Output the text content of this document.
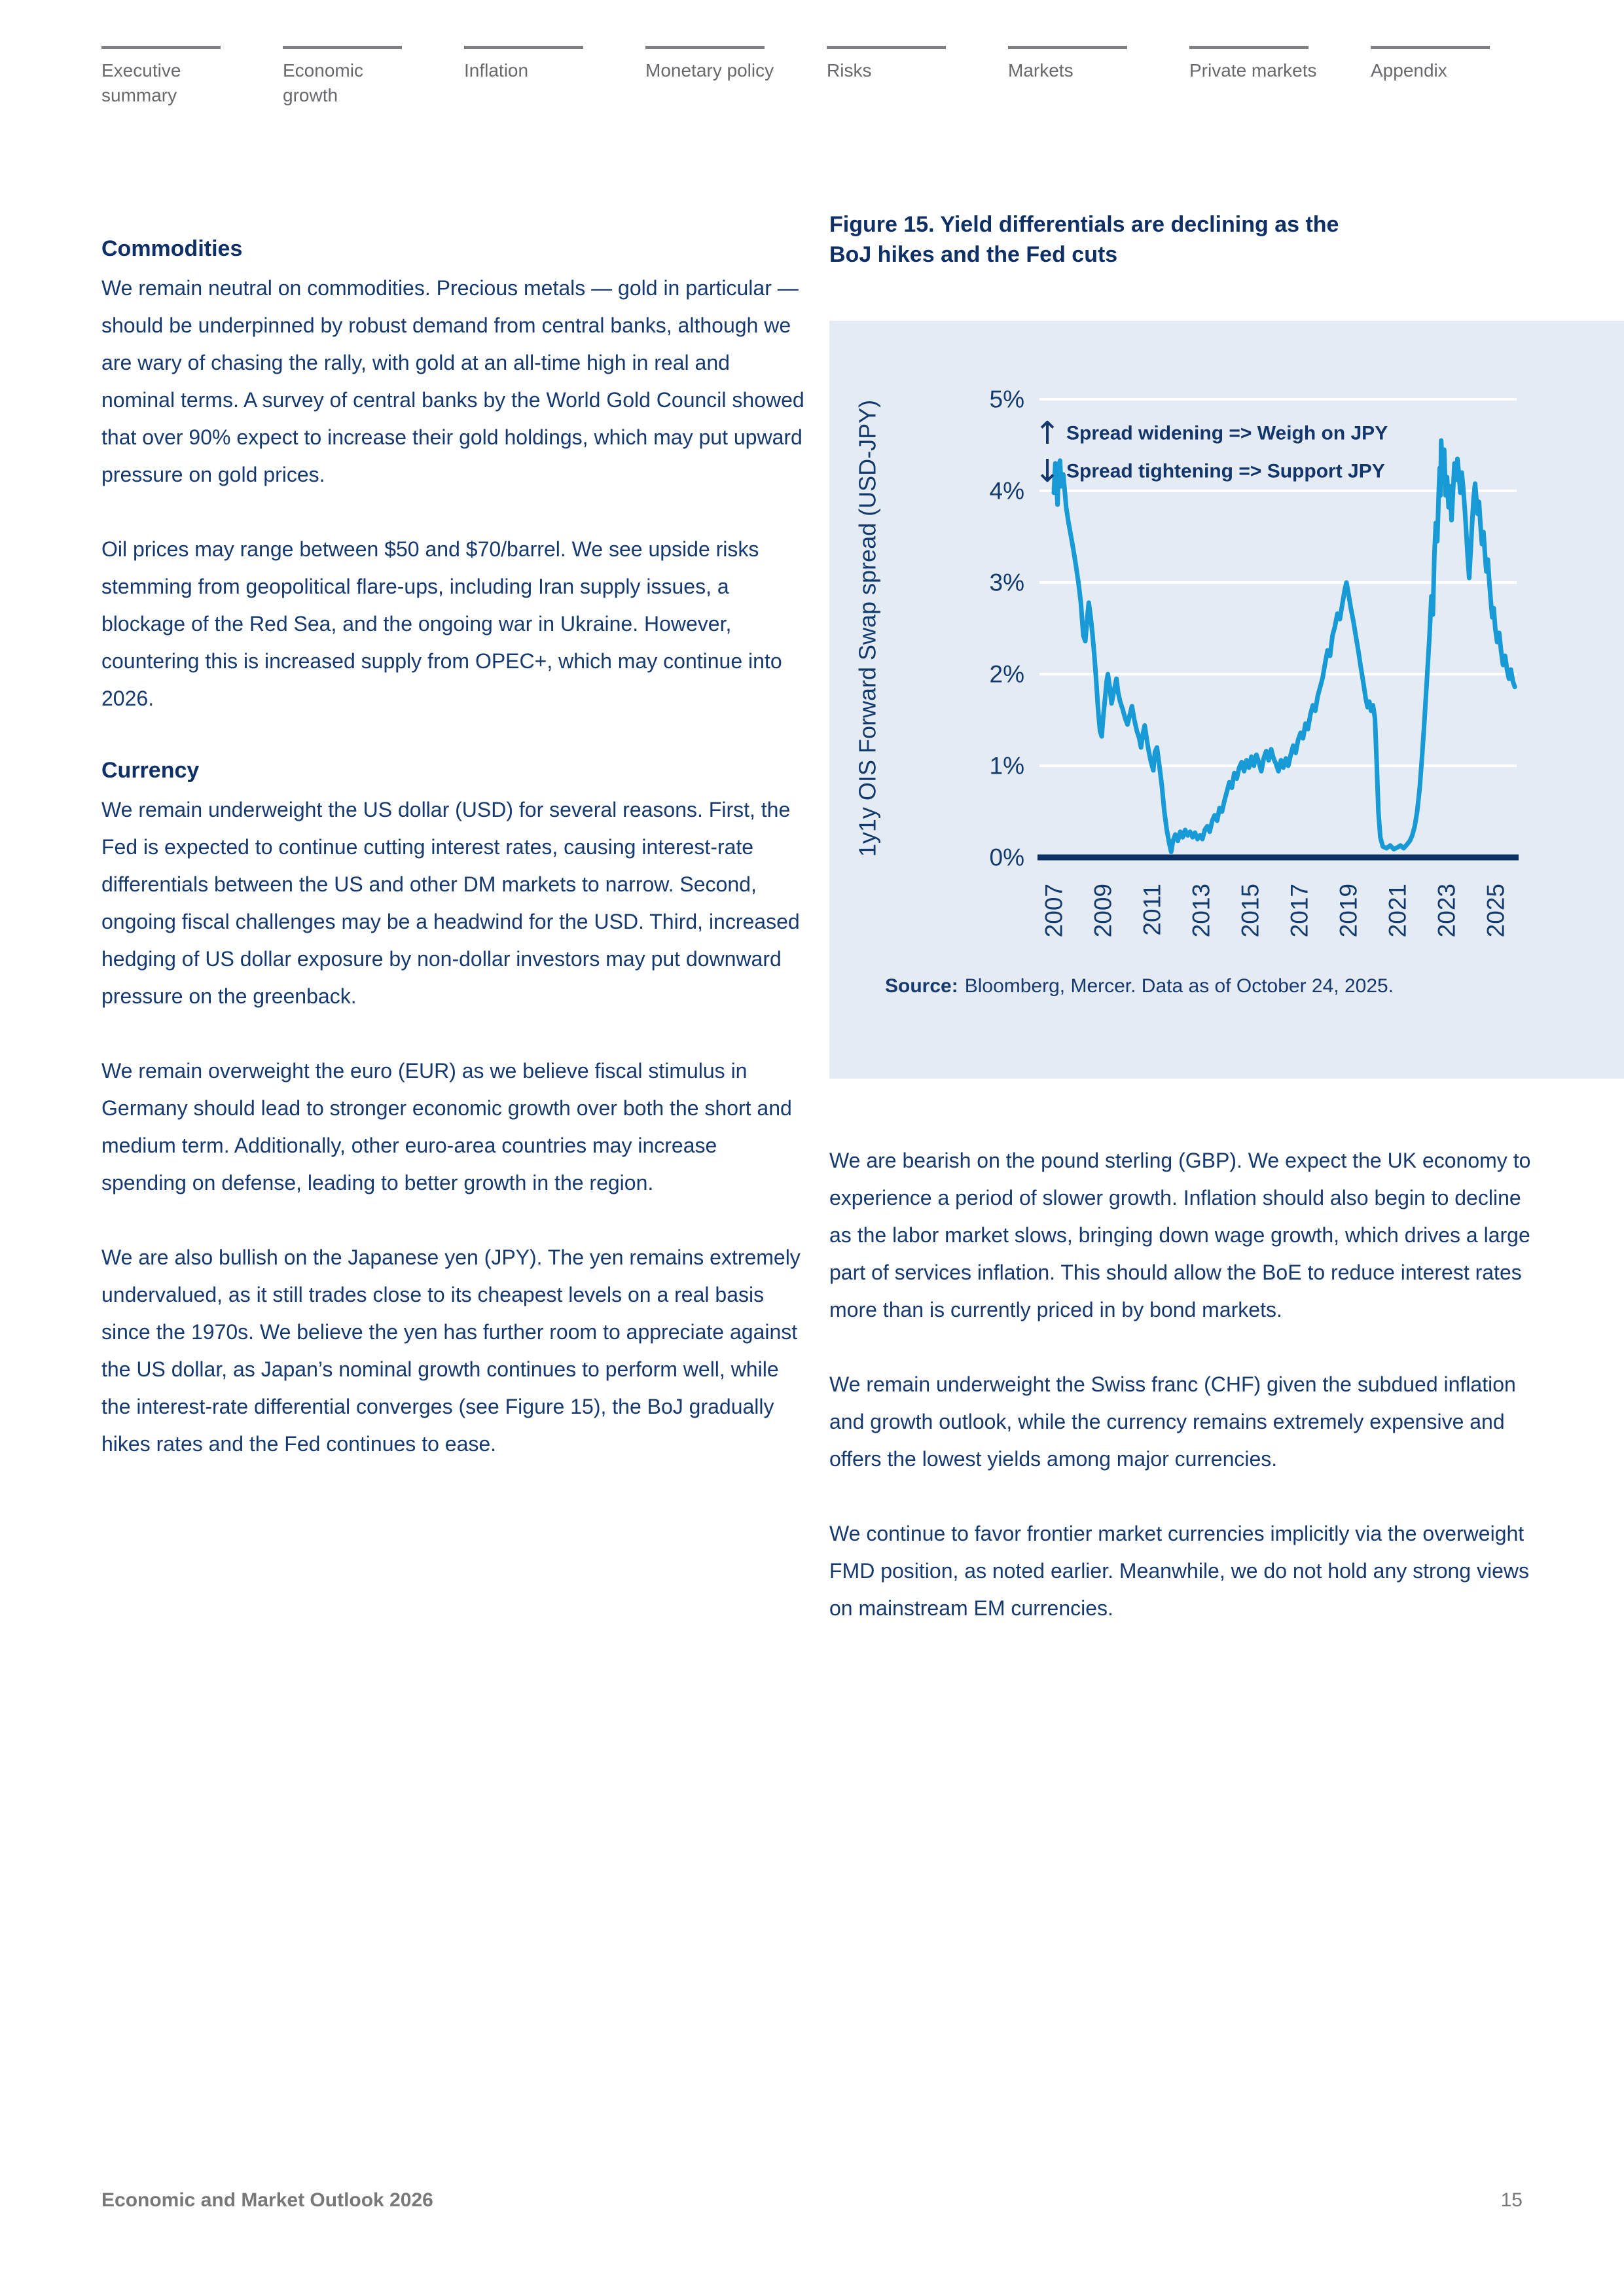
Executive summary
Economic growth
Inflation	Monetary policy	Risks	Markets	Private markets	Appendix
Commodities

We remain neutral on commodities. Precious metals — gold in particular — should be underpinned by robust demand from central banks, although we are wary of chasing the rally, with gold at an all-time high in real and nominal terms. A survey of central banks by the World Gold Council showed that over 90% expect to increase their gold holdings, which may put upward pressure on gold prices.

Oil prices may range between $50 and $70/barrel. We see upside risks stemming from geopolitical flare-ups, including Iran supply issues, a blockage of the Red Sea, and the ongoing war in Ukraine. However, countering this is increased supply from OPEC+, which may continue into 2026.

Currency

We remain underweight the US dollar (USD) for several reasons. First, the Fed is expected to continue cutting interest rates, causing interest-rate differentials between the US and other DM markets to narrow. Second, ongoing fiscal challenges may be a headwind for the USD. Third, increased hedging of US dollar exposure by non-dollar investors may put downward pressure on the greenback.

We remain overweight the euro (EUR) as we believe fiscal stimulus in Germany should lead to stronger economic growth over both the short and medium term. Additionally, other euro-area countries may increase spending on defense, leading to better growth in the region.

We are also bullish on the Japanese yen (JPY). The yen remains extremely undervalued, as it still trades close to its cheapest levels on a real basis since the 1970s. We believe the yen has further room to appreciate against the US dollar, as Japan’s nominal growth continues to perform well, while the interest-rate differential converges (see Figure 15), the BoJ gradually hikes rates and the Fed continues to ease.

Figure 15. Yield differentials are declining as the
BoJ hikes and the Fed cuts
5%
4%
3%
2%
1%
0%
2007 2009 2011 2013 2015 2017 2019 2021 2023 2025
1y1y OIS Forward Swap spread (USD-JPY)	↑ Spread widening => Weigh on JPY
↓ Spread tightening => Support JPY
Source: Bloomberg, Mercer. Data as of October 24, 2025.

We are bearish on the pound sterling (GBP). We expect the UK economy to experience a period of slower growth. Inflation should also begin to decline as the labor market slows, bringing down wage growth, which drives a large part of services inflation. This should allow the BoE to reduce interest rates more than is currently priced in by bond markets.

We remain underweight the Swiss franc (CHF) given the subdued inflation and growth outlook, while the currency remains extremely expensive and offers the lowest yields among major currencies.

We continue to favor frontier market currencies implicitly via the overweight FMD position, as noted earlier. Meanwhile, we do not hold any strong views on mainstream EM currencies.

Economic and Market Outlook 2026	15
